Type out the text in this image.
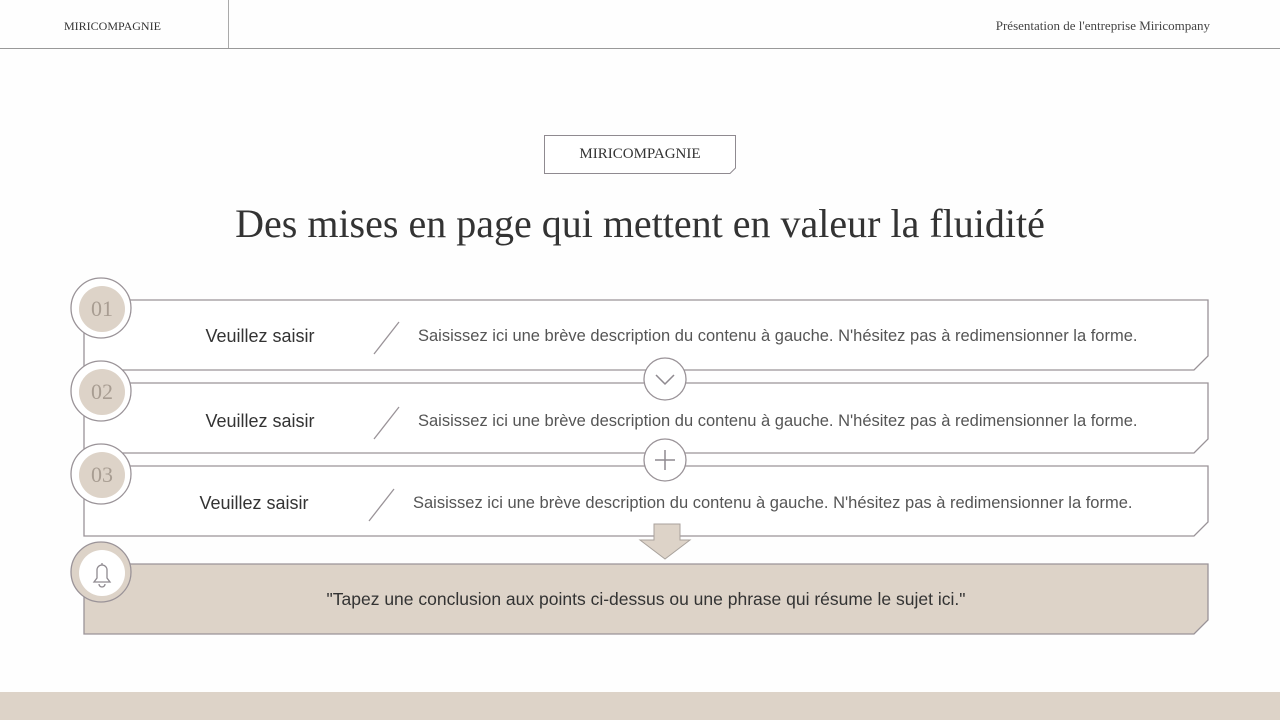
MIRICOMPAGNIE	Présentation de l'entreprise Miricompany
MIRICOMPAGNIE
Des mises en page qui mettent en valeur la fluidité
01
02
03
Veuillez saisir
Veuillez saisir
Veuillez saisir
Saisissez ici une brève description du contenu à gauche. N'hésitez pas à redimensionner la forme.
Saisissez ici une brève description du contenu à gauche. N'hésitez pas à redimensionner la forme.
Saisissez ici une brève description du contenu à gauche. N'hésitez pas à redimensionner la forme.
"Tapez une conclusion aux points ci-dessus ou une phrase qui résume le sujet ici."
